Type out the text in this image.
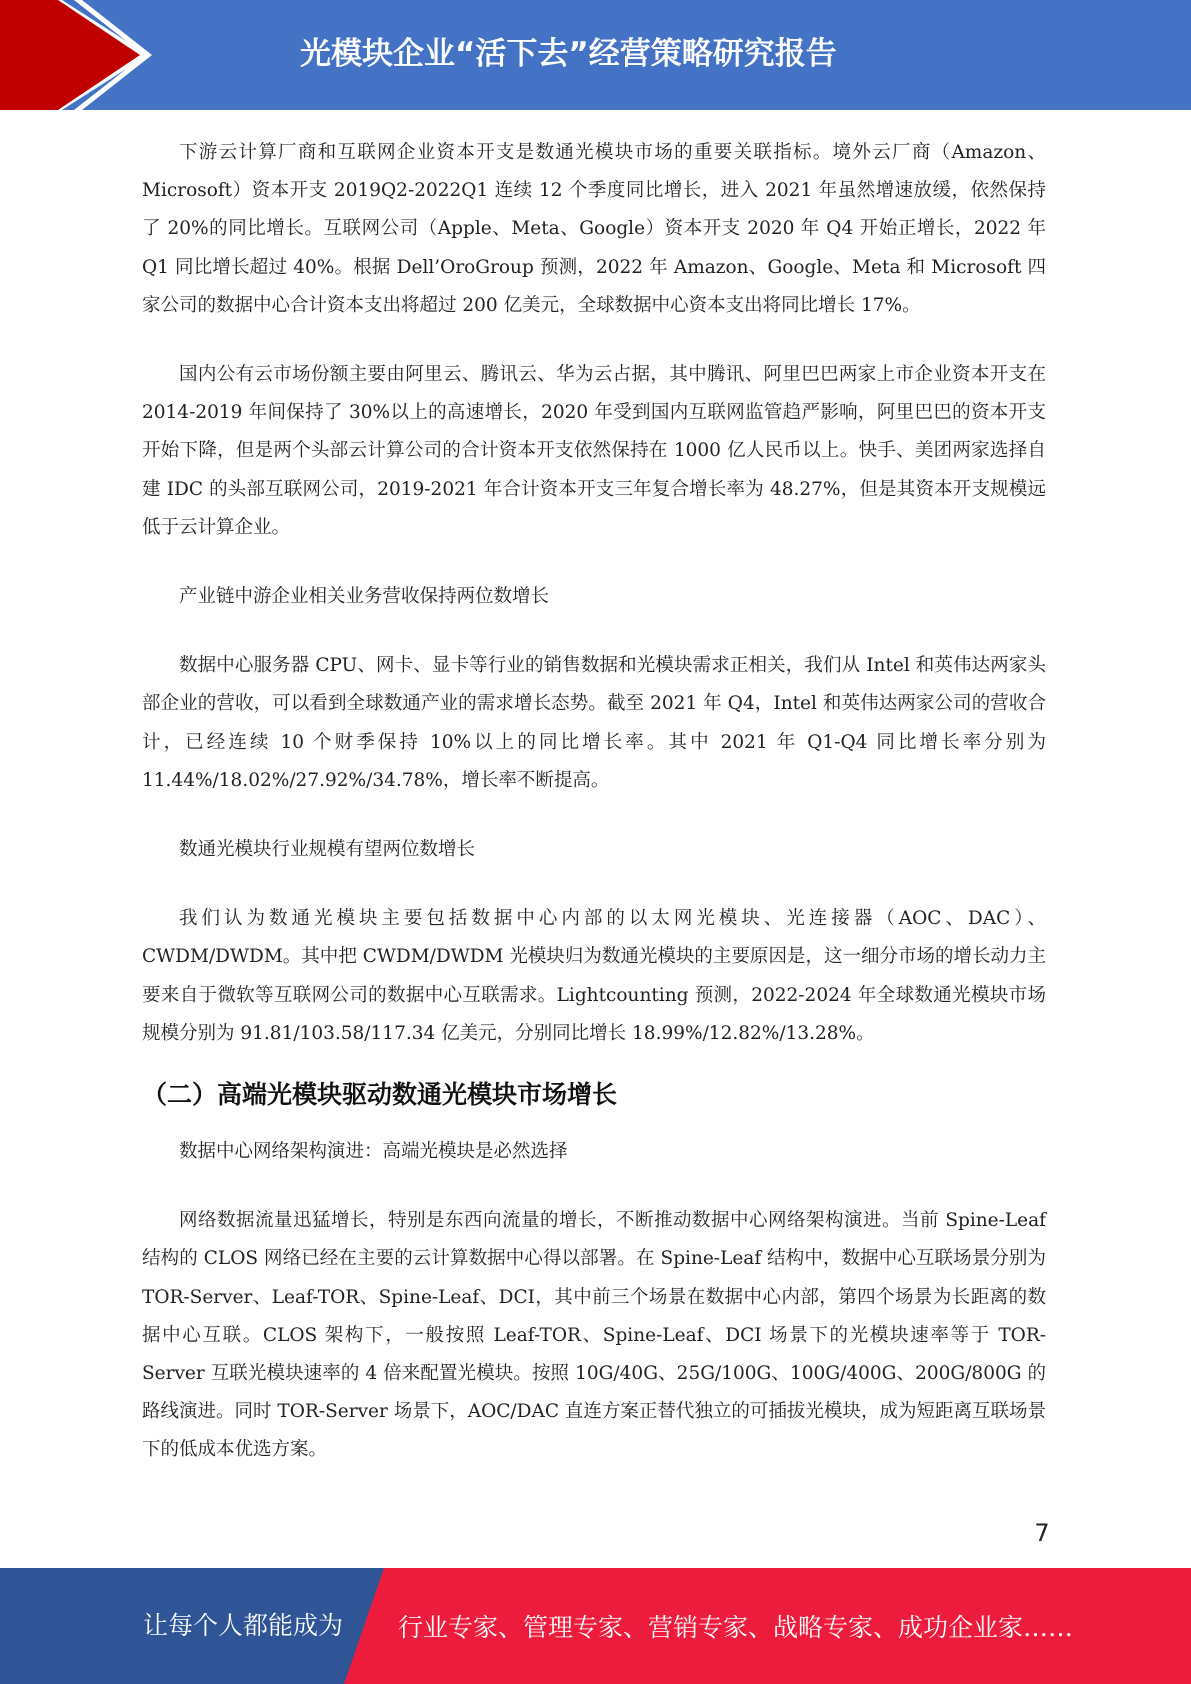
光模块企业“活下去”经营策略研究报告

下游云计算厂商和互联网企业资本开支是数通光模块市场的重要关联指标。境外云厂商（Amazon、Microsoft）资本开支 2019Q2-2022Q1 连续 12 个季度同比增长，进入 2021 年虽然增速放缓，依然保持了 20%的同比增长。互联网公司（Apple、Meta、Google）资本开支 2020 年 Q4 开始正增长，2022 年 Q1 同比增长超过 40%。根据 Dell’OroGroup 预测，2022 年 Amazon、Google、Meta 和 Microsoft 四家公司的数据中心合计资本支出将超过 200 亿美元，全球数据中心资本支出将同比增长 17%。

国内公有云市场份额主要由阿里云、腾讯云、华为云占据，其中腾讯、阿里巴巴两家上市企业资本开支在 2014-2019 年间保持了 30%以上的高速增长，2020 年受到国内互联网监管趋严影响，阿里巴巴的资本开支开始下降，但是两个头部云计算公司的合计资本开支依然保持在 1000 亿人民币以上。快手、美团两家选择自建 IDC 的头部互联网公司，2019-2021 年合计资本开支三年复合增长率为 48.27%，但是其资本开支规模远低于云计算企业。

产业链中游企业相关业务营收保持两位数增长

数据中心服务器 CPU、网卡、显卡等行业的销售数据和光模块需求正相关，我们从 Intel 和英伟达两家头部企业的营收，可以看到全球数通产业的需求增长态势。截至 2021 年 Q4，Intel 和英伟达两家公司的营收合计，已经连续 10 个财季保持 10%以上的同比增长率。其中 2021 年 Q1-Q4 同比增长率分别为 11.44%/18.02%/27.92%/34.78%，增长率不断提高。

数通光模块行业规模有望两位数增长

我们认为数通光模块主要包括数据中心内部的以太网光模块、光连接器（AOC、DAC）、CWDM/DWDM。其中把 CWDM/DWDM 光模块归为数通光模块的主要原因是，这一细分市场的增长动力主要来自于微软等互联网公司的数据中心互联需求。Lightcounting 预测，2022-2024 年全球数通光模块市场规模分别为 91.81/103.58/117.34 亿美元，分别同比增长 18.99%/12.82%/13.28%。

（二）高端光模块驱动数通光模块市场增长

数据中心网络架构演进：高端光模块是必然选择

网络数据流量迅猛增长，特别是东西向流量的增长，不断推动数据中心网络架构演进。当前 Spine-Leaf 结构的 CLOS 网络已经在主要的云计算数据中心得以部署。在 Spine-Leaf 结构中，数据中心互联场景分别为 TOR-Server、Leaf-TOR、Spine-Leaf、DCI，其中前三个场景在数据中心内部，第四个场景为长距离的数据中心互联。CLOS 架构下，一般按照 Leaf-TOR、Spine-Leaf、DCI 场景下的光模块速率等于 TOR-Server 互联光模块速率的 4 倍来配置光模块。按照 10G/40G、25G/100G、100G/400G、200G/800G 的路线演进。同时 TOR-Server 场景下，AOC/DAC 直连方案正替代独立的可插拔光模块，成为短距离互联场景下的低成本优选方案。

7
让每个人都能成为 行业专家、管理专家、营销专家、战略专家、成功企业家……
